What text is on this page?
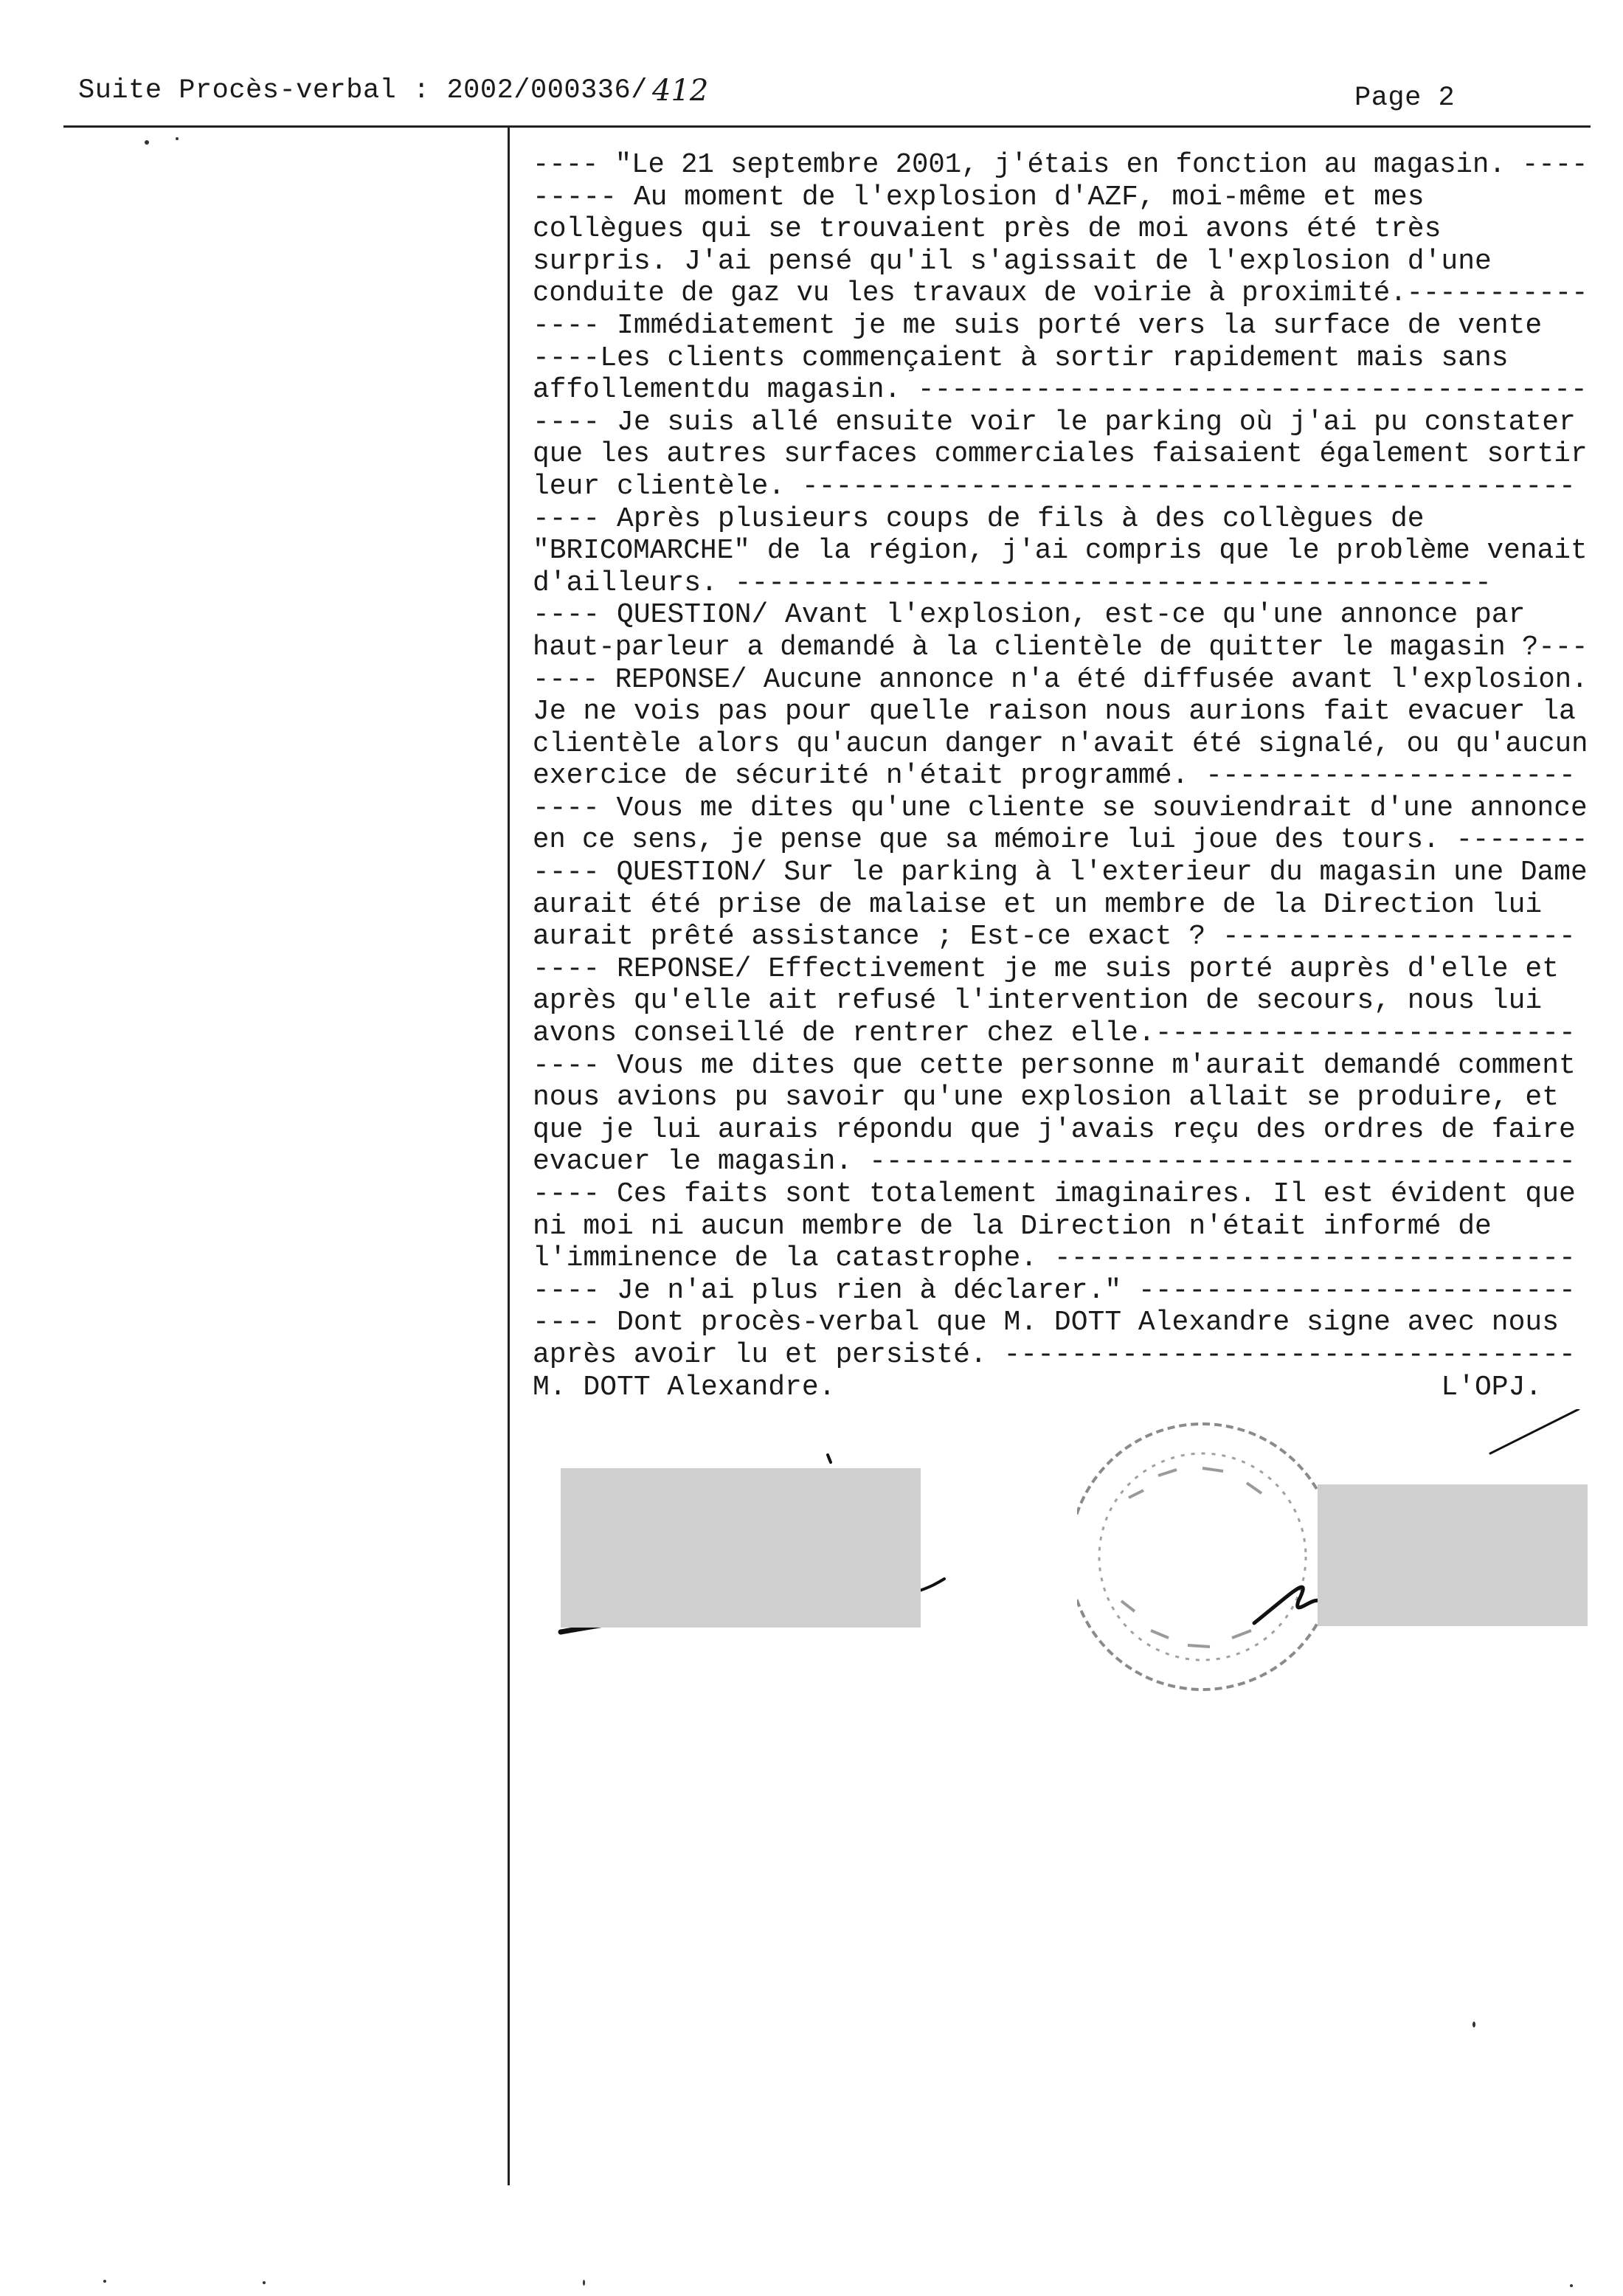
Suite Procès-verbal : 2002/000336/ 412	Page 2
---- "Le 21 septembre 2001, j'étais en fonction au magasin. ----
----- Au moment de l'explosion d'AZF, moi-même et mes
collègues qui se trouvaient près de moi avons été très
surpris. J'ai pensé qu'il s'agissait de l'explosion d'une
conduite de gaz vu les travaux de voirie à proximité.-----------
---- Immédiatement je me suis porté vers la surface de vente
----Les clients commençaient à sortir rapidement mais sans
affollementdu magasin. ----------------------------------------
---- Je suis allé ensuite voir le parking où j'ai pu constater
que les autres surfaces commerciales faisaient également sortir
leur clientèle. ----------------------------------------------
---- Après plusieurs coups de fils à des collègues de
"BRICOMARCHE" de la région, j'ai compris que le problème venait
d'ailleurs. ---------------------------------------------
---- QUESTION/ Avant l'explosion, est-ce qu'une annonce par
haut-parleur a demandé à la clientèle de quitter le magasin ?---
---- REPONSE/ Aucune annonce n'a été diffusée avant l'explosion.
Je ne vois pas pour quelle raison nous aurions fait evacuer la
clientèle alors qu'aucun danger n'avait été signalé, ou qu'aucun
exercice de sécurité n'était programmé. ----------------------
---- Vous me dites qu'une cliente se souviendrait d'une annonce
en ce sens, je pense que sa mémoire lui joue des tours. --------
---- QUESTION/ Sur le parking à l'exterieur du magasin une Dame
aurait été prise de malaise et un membre de la Direction lui
aurait prêté assistance ; Est-ce exact ? ---------------------
---- REPONSE/ Effectivement je me suis porté auprès d'elle et
après qu'elle ait refusé l'intervention de secours, nous lui
avons conseillé de rentrer chez elle.-------------------------
---- Vous me dites que cette personne m'aurait demandé comment
nous avions pu savoir qu'une explosion allait se produire, et
que je lui aurais répondu que j'avais reçu des ordres de faire
evacuer le magasin. ------------------------------------------
---- Ces faits sont totalement imaginaires. Il est évident que
ni moi ni aucun membre de la Direction n'était informé de
l'imminence de la catastrophe. -------------------------------
---- Je n'ai plus rien à déclarer." --------------------------
---- Dont procès-verbal que M. DOTT Alexandre signe avec nous
après avoir lu et persisté. ----------------------------------
M. DOTT Alexandre.                                    L'OPJ.
